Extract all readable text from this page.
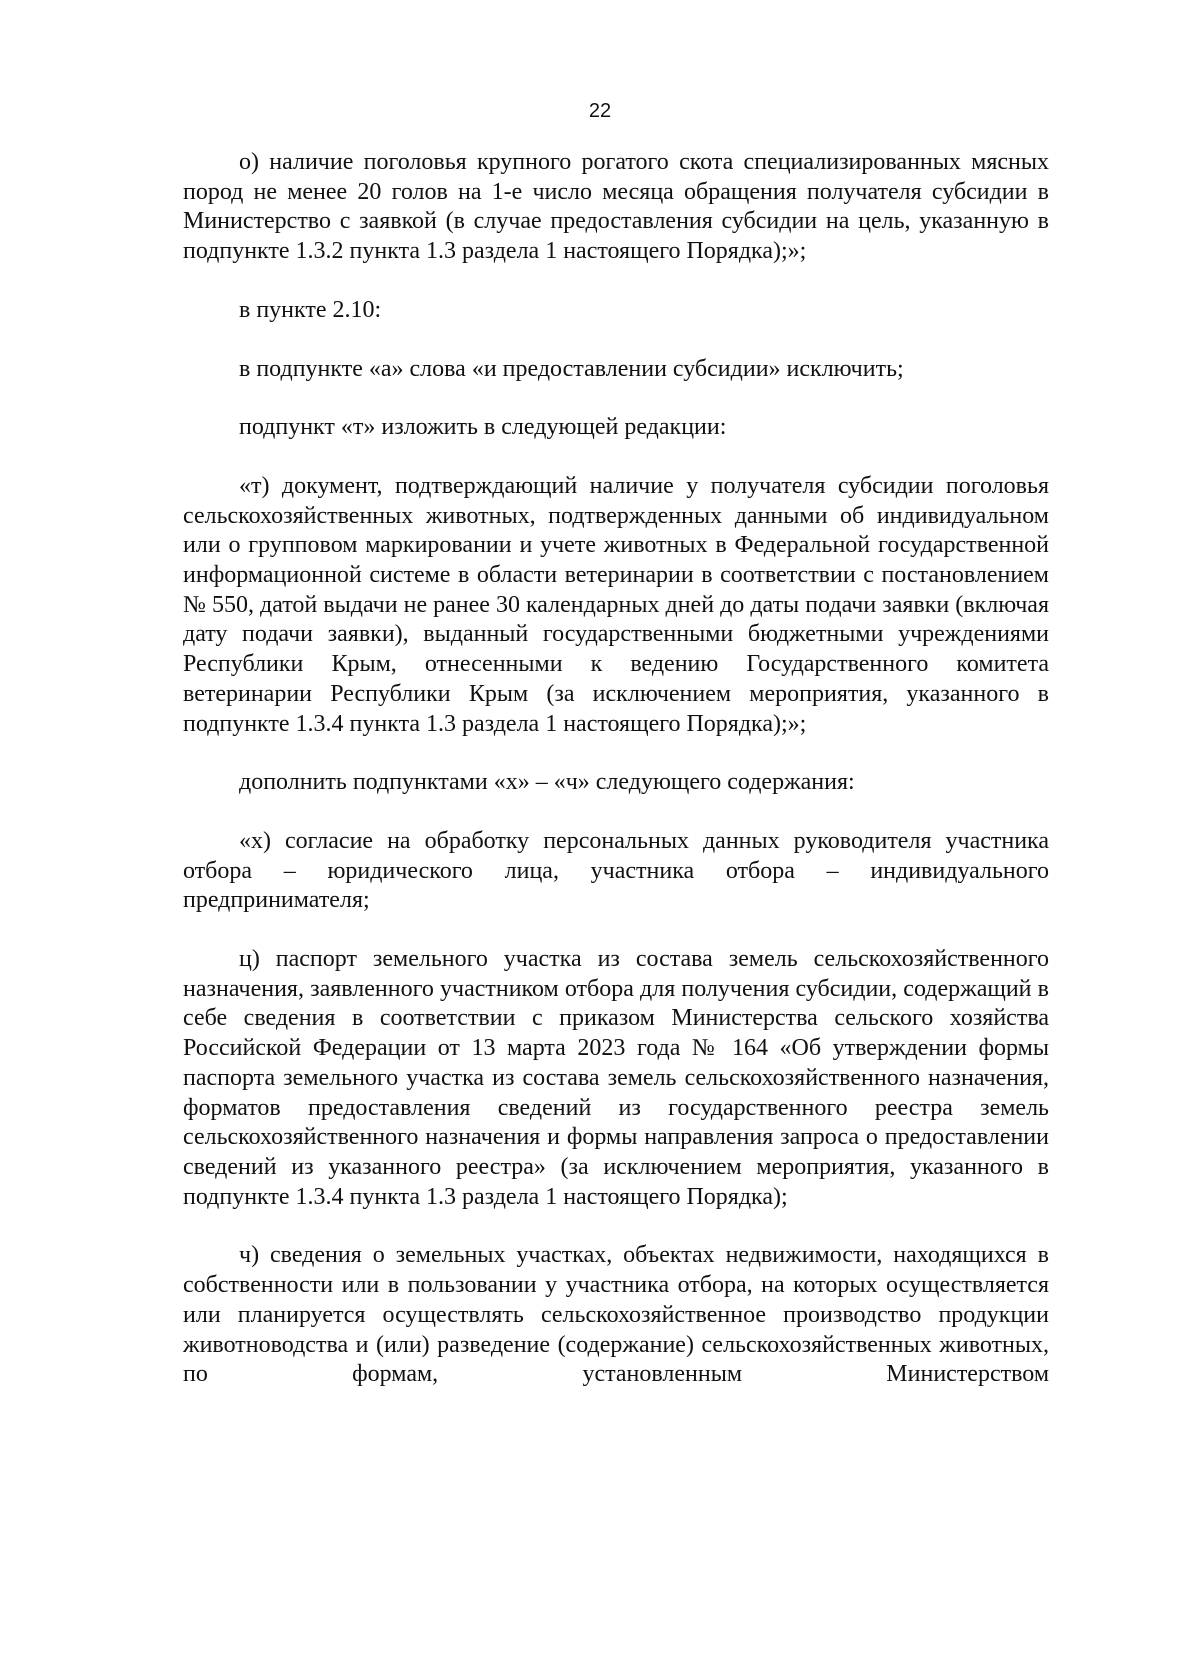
22

о) наличие поголовья крупного рогатого скота специализированных мясных пород не менее 20 голов на 1-е число месяца обращения получателя субсидии в Министерство с заявкой (в случае предоставления субсидии на цель, указанную в подпункте 1.3.2 пункта 1.3 раздела 1 настоящего Порядка);»;

в пункте 2.10:

в подпункте «а» слова «и предоставлении субсидии» исключить;

подпункт «т» изложить в следующей редакции:

«т) документ, подтверждающий наличие у получателя субсидии поголовья сельскохозяйственных животных, подтвержденных данными об индивидуальном или о групповом маркировании и учете животных в Федеральной государственной информационной системе в области ветеринарии в соответствии с постановлением № 550, датой выдачи не ранее 30 календарных дней до даты подачи заявки (включая дату подачи заявки), выданный государственными бюджетными учреждениями Республики Крым, отнесенными к ведению Государственного комитета ветеринарии Республики Крым (за исключением мероприятия, указанного в подпункте 1.3.4 пункта 1.3 раздела 1 настоящего Порядка);»;

дополнить подпунктами «х» – «ч» следующего содержания:

«х) согласие на обработку персональных данных руководителя участника отбора – юридического лица, участника отбора – индивидуального предпринимателя;

ц) паспорт земельного участка из состава земель сельскохозяйственного назначения, заявленного участником отбора для получения субсидии, содержащий в себе сведения в соответствии с приказом Министерства сельского хозяйства Российской Федерации от 13 марта 2023 года № 164 «Об утверждении формы паспорта земельного участка из состава земель сельскохозяйственного назначения, форматов предоставления сведений из государственного реестра земель сельскохозяйственного назначения и формы направления запроса о предоставлении сведений из указанного реестра» (за исключением мероприятия, указанного в подпункте 1.3.4 пункта 1.3 раздела 1 настоящего Порядка);

ч) сведения о земельных участках, объектах недвижимости, находящихся в собственности или в пользовании у участника отбора, на которых осуществляется или планируется осуществлять сельскохозяйственное производство продукции животноводства и (или) разведение (содержание) сельскохозяйственных животных, по формам, установленным Министерством
